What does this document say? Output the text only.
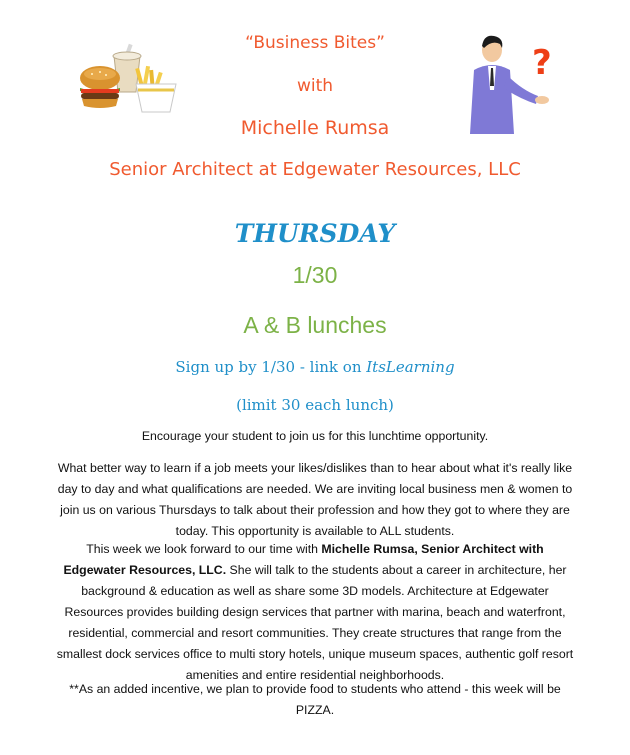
?
“Business Bites”
with
Michelle Rumsa
Senior Architect at Edgewater Resources, LLC
THURSDAY
1/30
A & B lunches
Sign up by 1/30 - link on ItsLearning
(limit 30 each lunch)
Encourage your student to join us for this lunchtime opportunity.
What better way to learn if a job meets your likes/dislikes than to hear about what it's really like day to day and what qualifications are needed. We are inviting local business men & women to join us on various Thursdays to talk about their profession and how they got to where they are today. This opportunity is available to ALL students.
This week we look forward to our time with Michelle Rumsa, Senior Architect with Edgewater Resources, LLC. She will talk to the students about a career in architecture, her background & education as well as share some 3D models. Architecture at Edgewater Resources provides building design services that partner with marina, beach and waterfront, residential, commercial and resort communities. They create structures that range from the smallest dock services office to multi story hotels, unique museum spaces, authentic golf resort amenities and entire residential neighborhoods.
**As an added incentive, we plan to provide food to students who attend - this week will be PIZZA.
